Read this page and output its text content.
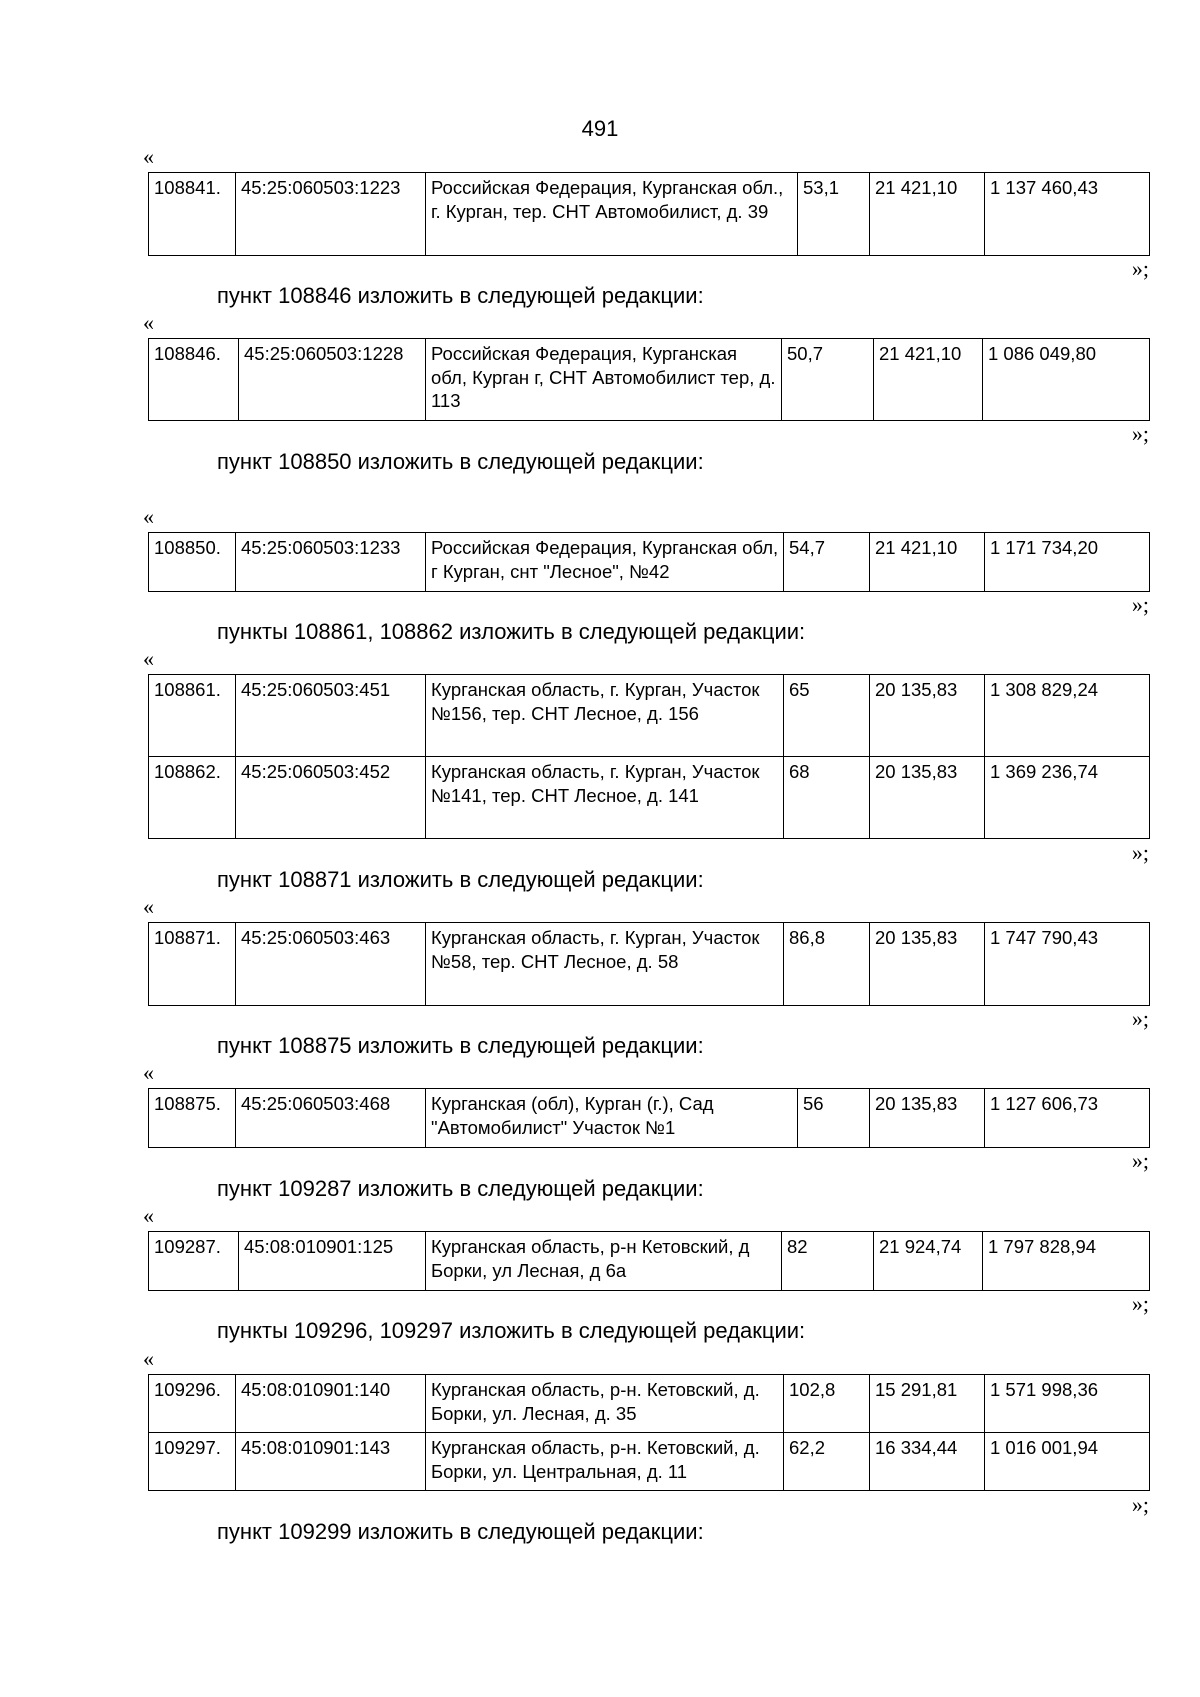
491
«
108841.	45:25:060503:1223	Российская Федерация, Курганская обл., г. Курган, тер. СНТ Автомобилист, д. 39	53,1	21 421,10	1 137 460,43
»;
пункт 108846 изложить в следующей редакции:
«
108846.	45:25:060503:1228	Российская Федерация, Курганская обл, Курган г, СНТ Автомобилист тер, д. 113	50,7	21 421,10	1 086 049,80
»;
пункт 108850 изложить в следующей редакции:
«
108850.	45:25:060503:1233	Российская Федерация, Курганская обл, г Курган, снт "Лесное", №42	54,7	21 421,10	1 171 734,20
»;
пункты 108861, 108862 изложить в следующей редакции:
«
108861.	45:25:060503:451	Курганская область, г. Курган, Участок №156, тер. СНТ Лесное, д. 156	65	20 135,83	1 308 829,24
108862.	45:25:060503:452	Курганская область, г. Курган, Участок №141, тер. СНТ Лесное, д. 141	68	20 135,83	1 369 236,74
»;
пункт 108871 изложить в следующей редакции:
«
108871.	45:25:060503:463	Курганская область, г. Курган, Участок №58, тер. СНТ Лесное, д. 58	86,8	20 135,83	1 747 790,43
»;
пункт 108875 изложить в следующей редакции:
«
108875.	45:25:060503:468	Курганская (обл), Курган (г.), Сад "Автомобилист" Участок №1	56	20 135,83	1 127 606,73
»;
пункт 109287 изложить в следующей редакции:
«
109287.	45:08:010901:125	Курганская область, р-н Кетовский, д Борки, ул Лесная, д 6а	82	21 924,74	1 797 828,94
»;
пункты 109296, 109297 изложить в следующей редакции:
«
109296.	45:08:010901:140	Курганская область, р-н. Кетовский, д. Борки, ул. Лесная, д. 35	102,8	15 291,81	1 571 998,36
109297.	45:08:010901:143	Курганская область, р-н. Кетовский, д. Борки, ул. Центральная, д. 11	62,2	16 334,44	1 016 001,94
»;
пункт 109299 изложить в следующей редакции:
